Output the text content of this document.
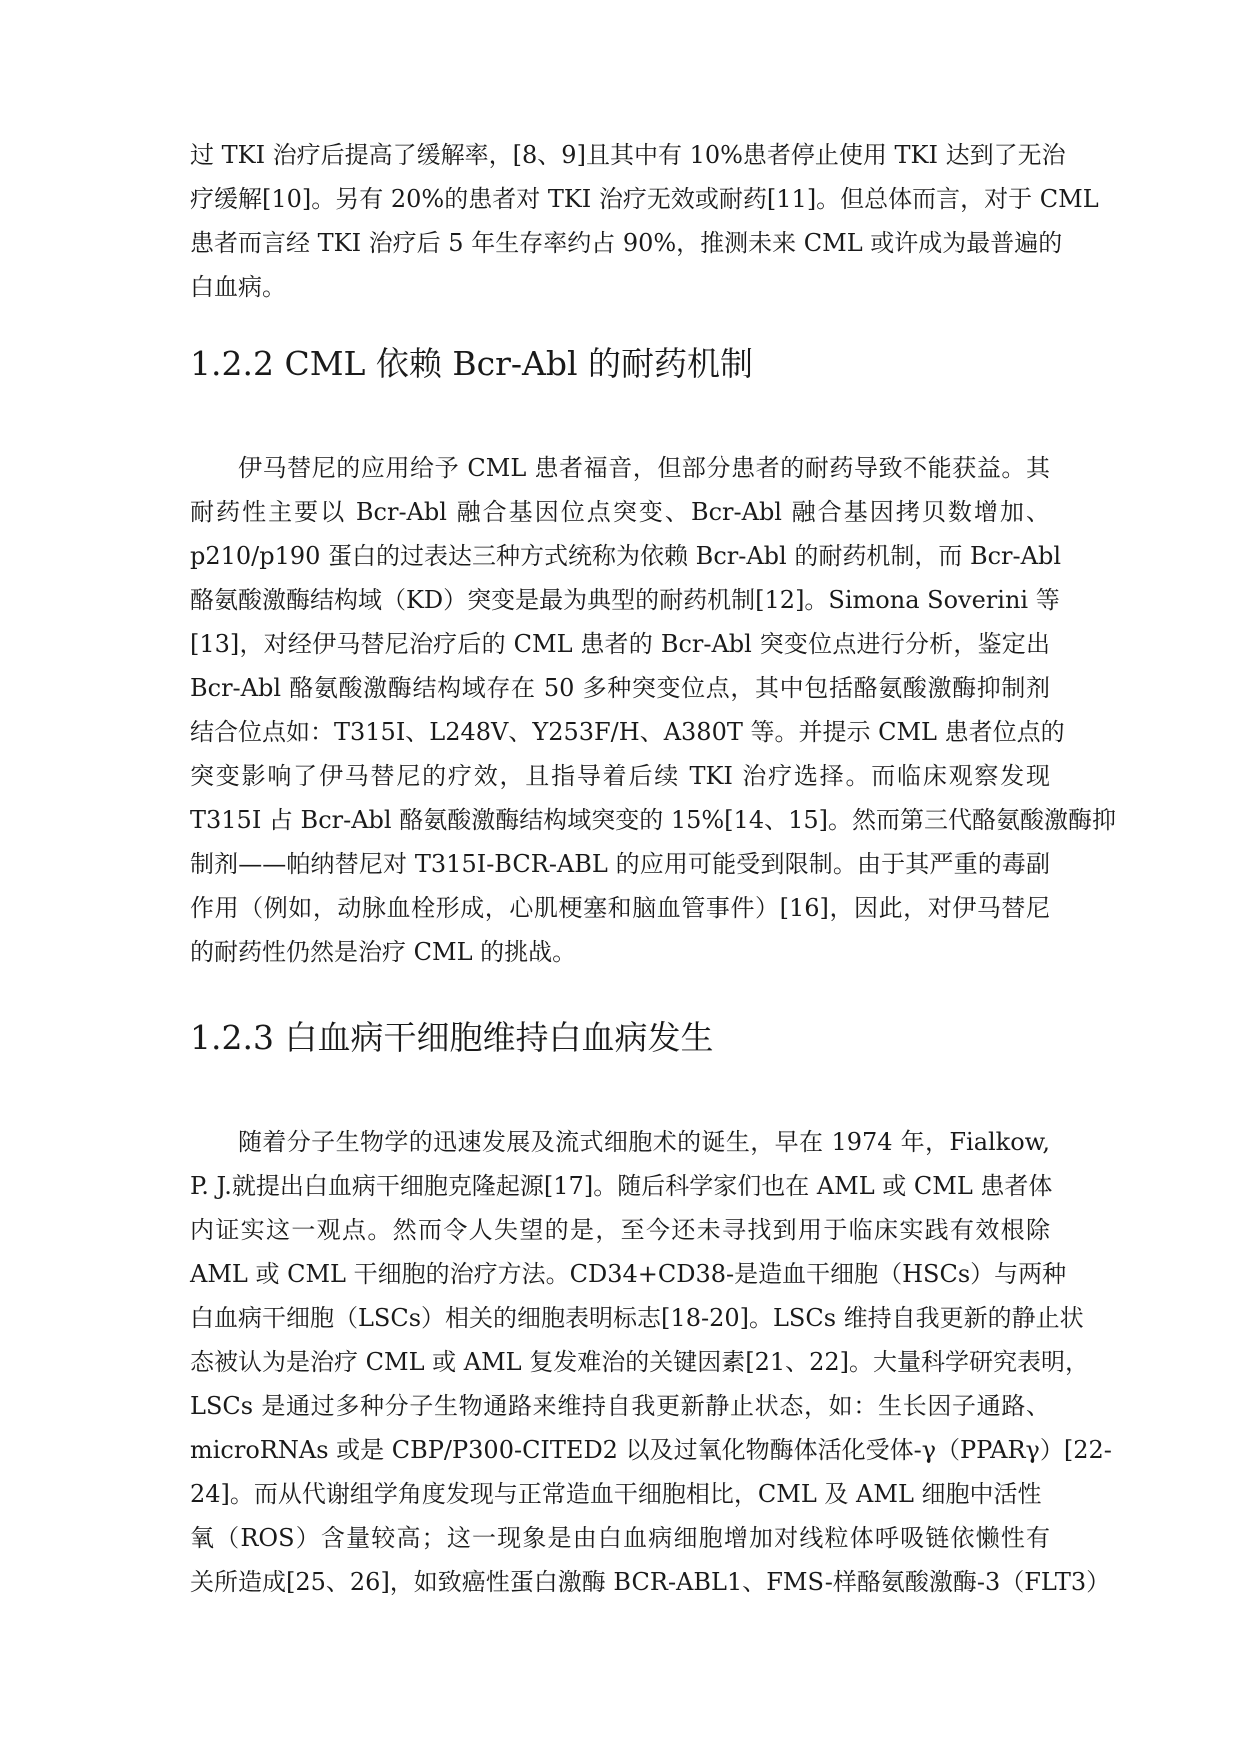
过 TKI 治疗后提高了缓解率，[8、9]且其中有 10%患者停止使用 TKI 达到了无治
疗缓解[10]。另有 20%的患者对 TKI 治疗无效或耐药[11]。但总体而言，对于 CML
患者而言经 TKI 治疗后 5 年生存率约占 90%，推测未来 CML 或许成为最普遍的
白血病。
1.2.2 CML 依赖 Bcr-Abl 的耐药机制
伊马替尼的应用给予 CML 患者福音，但部分患者的耐药导致不能获益。其
耐药性主要以 Bcr-Abl 融合基因位点突变、Bcr-Abl 融合基因拷贝数增加、
p210/p190 蛋白的过表达三种方式统称为依赖 Bcr-Abl 的耐药机制，而 Bcr-Abl
酪氨酸激酶结构域（KD）突变是最为典型的耐药机制[12]。Simona Soverini 等
[13]，对经伊马替尼治疗后的 CML 患者的 Bcr-Abl 突变位点进行分析，鉴定出
Bcr-Abl 酪氨酸激酶结构域存在 50 多种突变位点，其中包括酪氨酸激酶抑制剂
结合位点如：T315I、L248V、Y253F/H、A380T 等。并提示 CML 患者位点的
突变影响了伊马替尼的疗效，且指导着后续 TKI 治疗选择。而临床观察发现
T315I 占 Bcr-Abl 酪氨酸激酶结构域突变的 15%[14、15]。然而第三代酪氨酸激酶抑
制剂——帕纳替尼对 T315I-BCR-ABL 的应用可能受到限制。由于其严重的毒副
作用（例如，动脉血栓形成，心肌梗塞和脑血管事件）[16]，因此，对伊马替尼
的耐药性仍然是治疗 CML 的挑战。
1.2.3 白血病干细胞维持白血病发生
随着分子生物学的迅速发展及流式细胞术的诞生，早在 1974 年，Fialkow,
P. J.就提出白血病干细胞克隆起源[17]。随后科学家们也在 AML 或 CML 患者体
内证实这一观点。然而令人失望的是，至今还未寻找到用于临床实践有效根除
AML 或 CML 干细胞的治疗方法。CD34+CD38-是造血干细胞（HSCs）与两种
白血病干细胞（LSCs）相关的细胞表明标志[18-20]。LSCs 维持自我更新的静止状
态被认为是治疗 CML 或 AML 复发难治的关键因素[21、22]。大量科学研究表明，
LSCs 是通过多种分子生物通路来维持自我更新静止状态，如：生长因子通路、
microRNAs 或是 CBP/P300-CITED2 以及过氧化物酶体活化受体-γ（PPARγ）[22-
24]。而从代谢组学角度发现与正常造血干细胞相比，CML 及 AML 细胞中活性
氧（ROS）含量较高；这一现象是由白血病细胞增加对线粒体呼吸链依懒性有
关所造成[25、26]，如致癌性蛋白激酶 BCR-ABL1、FMS-样酪氨酸激酶-3（FLT3）
